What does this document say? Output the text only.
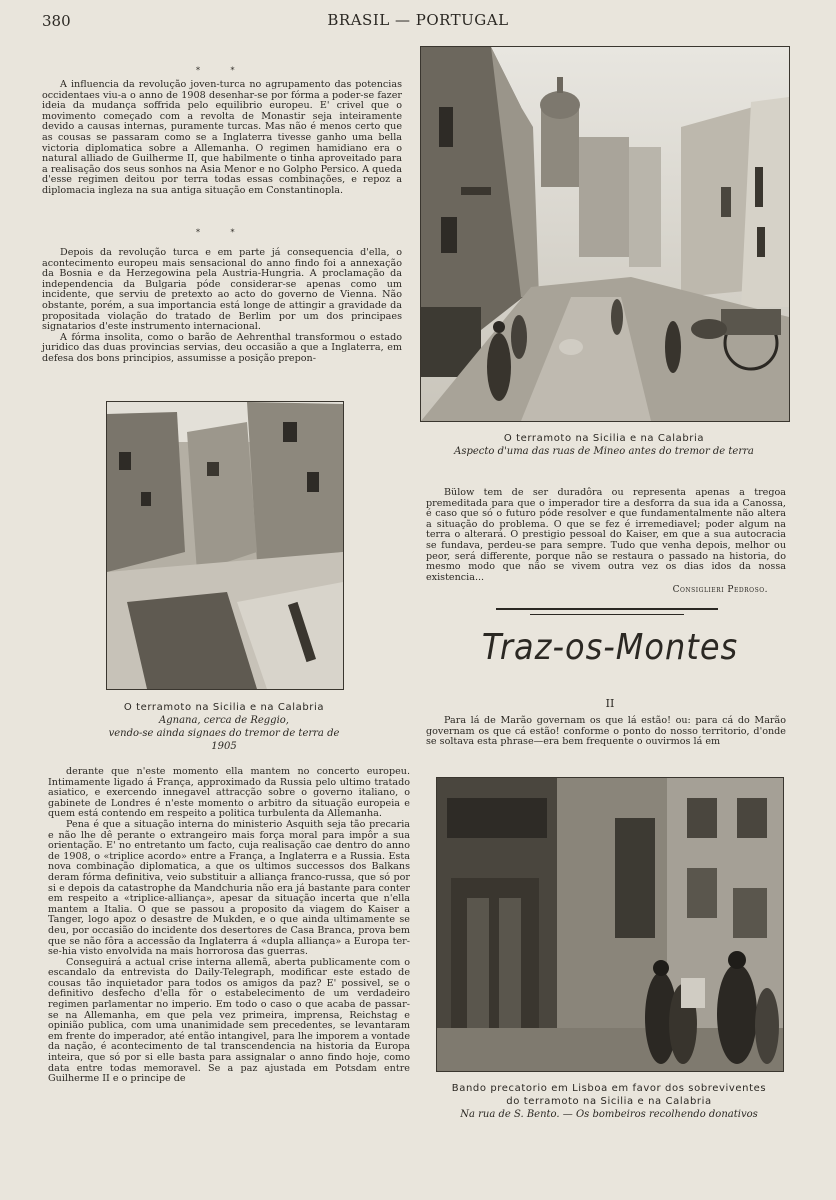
380	BRASIL — PORTUGAL
* *

A influencia da revolução joven-turca no agrupamento das potencias occidentaes viu-a o anno de 1908 desenhar-se por fórma a poder-se fazer ideia da mudança soffrida pelo equilibrio europeu. E' crivel que o movimento começado com a revolta de Monastir seja inteiramente devido a causas internas, puramente turcas. Mas não é menos certo que as cousas se passaram como se a Inglaterra tivesse ganho uma bella victoria diplomatica sobre a Allemanha. O regimen hamidiano era o natural alliado de Guilherme II, que habilmente o tinha aproveitado para a realisação dos seus sonhos na Asia Menor e no Golpho Persico. A queda d'esse regimen deitou por terra todas essas combinações, e repoz a diplomacia ingleza na sua antiga situação em Constantinopla.

* *

Depois da revolução turca e em parte já consequencia d'ella, o acontecimento europeu mais sensacional do anno findo foi a annexação da Bosnia e da Herzegowina pela Austria-Hungria. A proclamação da independencia da Bulgaria póde considerar-se apenas como um incidente, que serviu de pretexto ao acto do governo de Vienna. Não obstante, porém, a sua importancia está longe de attingir a gravidade da propositada violação do tratado de Berlim por um dos principaes signatarios d'este instrumento internacional.

A fórma insolita, como o barão de Aehrenthal transformou o estado juridico das duas provincias servias, deu occasião a que a Inglaterra, em defesa dos bons principios, assumisse a posição prepon-

O terramoto na Sicilia e na Calabria
Aspecto d'uma das ruas de Mineo antes do tremor de terra
O terramoto na Sicilia e na Calabria
Agnana, cerca de Reggio,
vendo-se ainda signaes do tremor de terra de 1905

Bülow tem de ser duradôra ou representa apenas a tregoa premeditada para que o imperador tire a desforra da sua ida a Canossa, é caso que só o futuro póde resolver e que fundamentalmente não altera a situação do problema. O que se fez é irremediavel; poder algum na terra o alterará. O prestigio pessoal do Kaiser, em que a sua autocracia se fundava, perdeu-se para sempre. Tudo que venha depois, melhor ou peor, será differente, porque não se restaura o passado na historia, do mesmo modo que não se vivem outra vez os dias idos da nossa existencia...

Consiglieri Pedroso.
Traz-os-Montes
II

Para lá de Marão governam os que lá estão! ou: para cá do Marão governam os que cá estão! conforme o ponto do nosso territorio, d'onde se soltava esta phrase—era bem frequente o ouvirmos lá em

derante que n'este momento ella mantem no concerto europeu. Intimamente ligado á França, approximado da Russia pelo ultimo tratado asiatico, e exercendo innegavel attracção sobre o governo italiano, o gabinete de Londres é n'este momento o arbitro da situação europeia e quem está contendo em respeito a politica turbulenta da Allemanha.

Pena é que a situação interna do ministerio Asquith seja tão precaria e não lhe dê perante o extrangeiro mais força moral para impôr a sua orientação. E' no entretanto um facto, cuja realisação cae dentro do anno de 1908, o «triplice acordo» entre a França, a Inglaterra e a Russia. Esta nova combinação diplomatica, a que os ultimos successos dos Balkans deram fórma definitiva, veio substituir a alliança franco-russa, que só por si e depois da catastrophe da Mandchuria não era já bastante para conter em respeito a «triplice-alliança», apesar da situação incerta que n'ella mantem a Italia. O que se passou a proposito da viagem do Kaiser a Tanger, logo apoz o desastre de Mukden, e o que ainda ultimamente se deu, por occasião do incidente dos desertores de Casa Branca, prova bem que se não fôra a accessão da Inglaterra á «dupla alliança» a Europa ter-se-hia visto envolvida na mais horrorosa das guerras.

Conseguirá a actual crise interna allemã, aberta publicamente com o escandalo da entrevista do Daily-Telegraph, modificar este estado de cousas tão inquietador para todos os amigos da paz? E' possivel, se o definitivo desfecho d'ella fôr o estabelecimento de um verdadeiro regimen parlamentar no imperio. Em todo o caso o que acaba de passar-se na Allemanha, em que pela vez primeira, imprensa, Reichstag e opinião publica, com uma unanimidade sem precedentes, se levantaram em frente do imperador, até então intangivel, para lhe imporem a vontade da nação, é acontecimento de tal transcendencia na historia da Europa inteira, que só por si elle basta para assignalar o anno findo hoje, como data entre todas memoravel. Se a paz ajustada em Potsdam entre Guilherme II e o principe de

Bando precatorio em Lisboa em favor dos sobreviventes
do terramoto na Sicilia e na Calabria
Na rua de S. Bento. — Os bombeiros recolhendo donativos
